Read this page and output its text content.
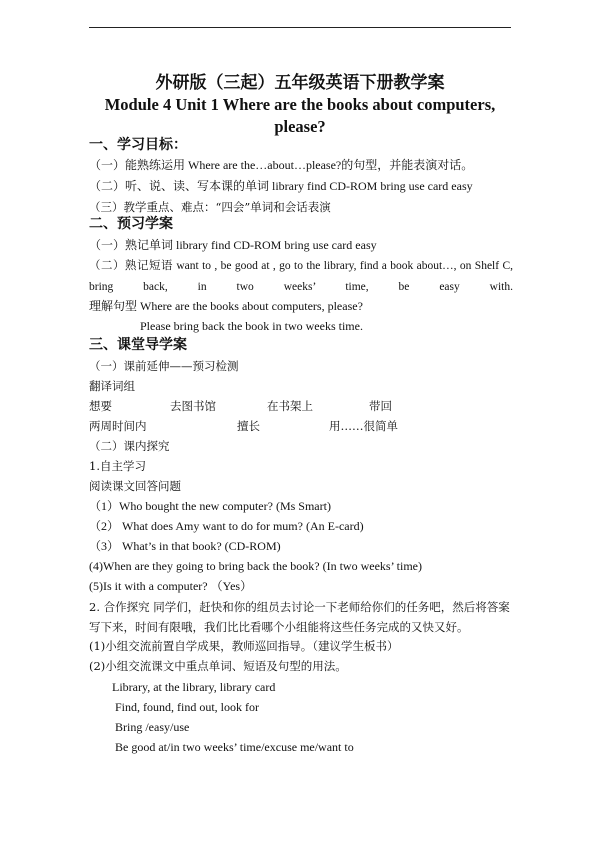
外研版（三起）五年级英语下册教学案
Module 4 Unit 1 Where are the books about computers, please?
一、学习目标：
（一）能熟练运用 Where are the…about…please?的句型，并能表演对话。
（二）听、说、读、写本课的单词 library find CD-ROM bring use card easy
（三）教学重点、难点：“四会”单词和会话表演
二、预习学案
（一）熟记单词 library find CD-ROM bring use card easy
（二）熟记短语 want to , be good at , go to the library, find a book about…, on Shelf C, bring back, in two weeks’ time, be easy with.
理解句型 Where are the books about computers, please?
Please bring back the book in two weeks time.
三、课堂导学案
（一）课前延伸——预习检测
翻译词组
想要	去图书馆	在书架上	带回
两周时间内	擅长	用……很简单
（二）课内探究
1.自主学习
阅读课文回答问题
（1）Who bought the new computer? (Ms Smart)
（2） What does Amy want to do for mum? (An E-card)
（3） What’s in that book? (CD-ROM)
(4)When are they going to bring back the book? (In two weeks’ time)
(5)Is it with a computer? （Yes）
2. 合作探究 同学们，赶快和你的组员去讨论一下老师给你们的任务吧，然后将答案写下来，时间有限哦，我们比比看哪个小组能将这些任务完成的又快又好。
(1)小组交流前置自学成果，教师巡回指导。（建议学生板书）
(2)小组交流课文中重点单词、短语及句型的用法。
Library, at the library, library card
Find, found, find out, look for
Bring /easy/use
Be good at/in two weeks’ time/excuse me/want to
